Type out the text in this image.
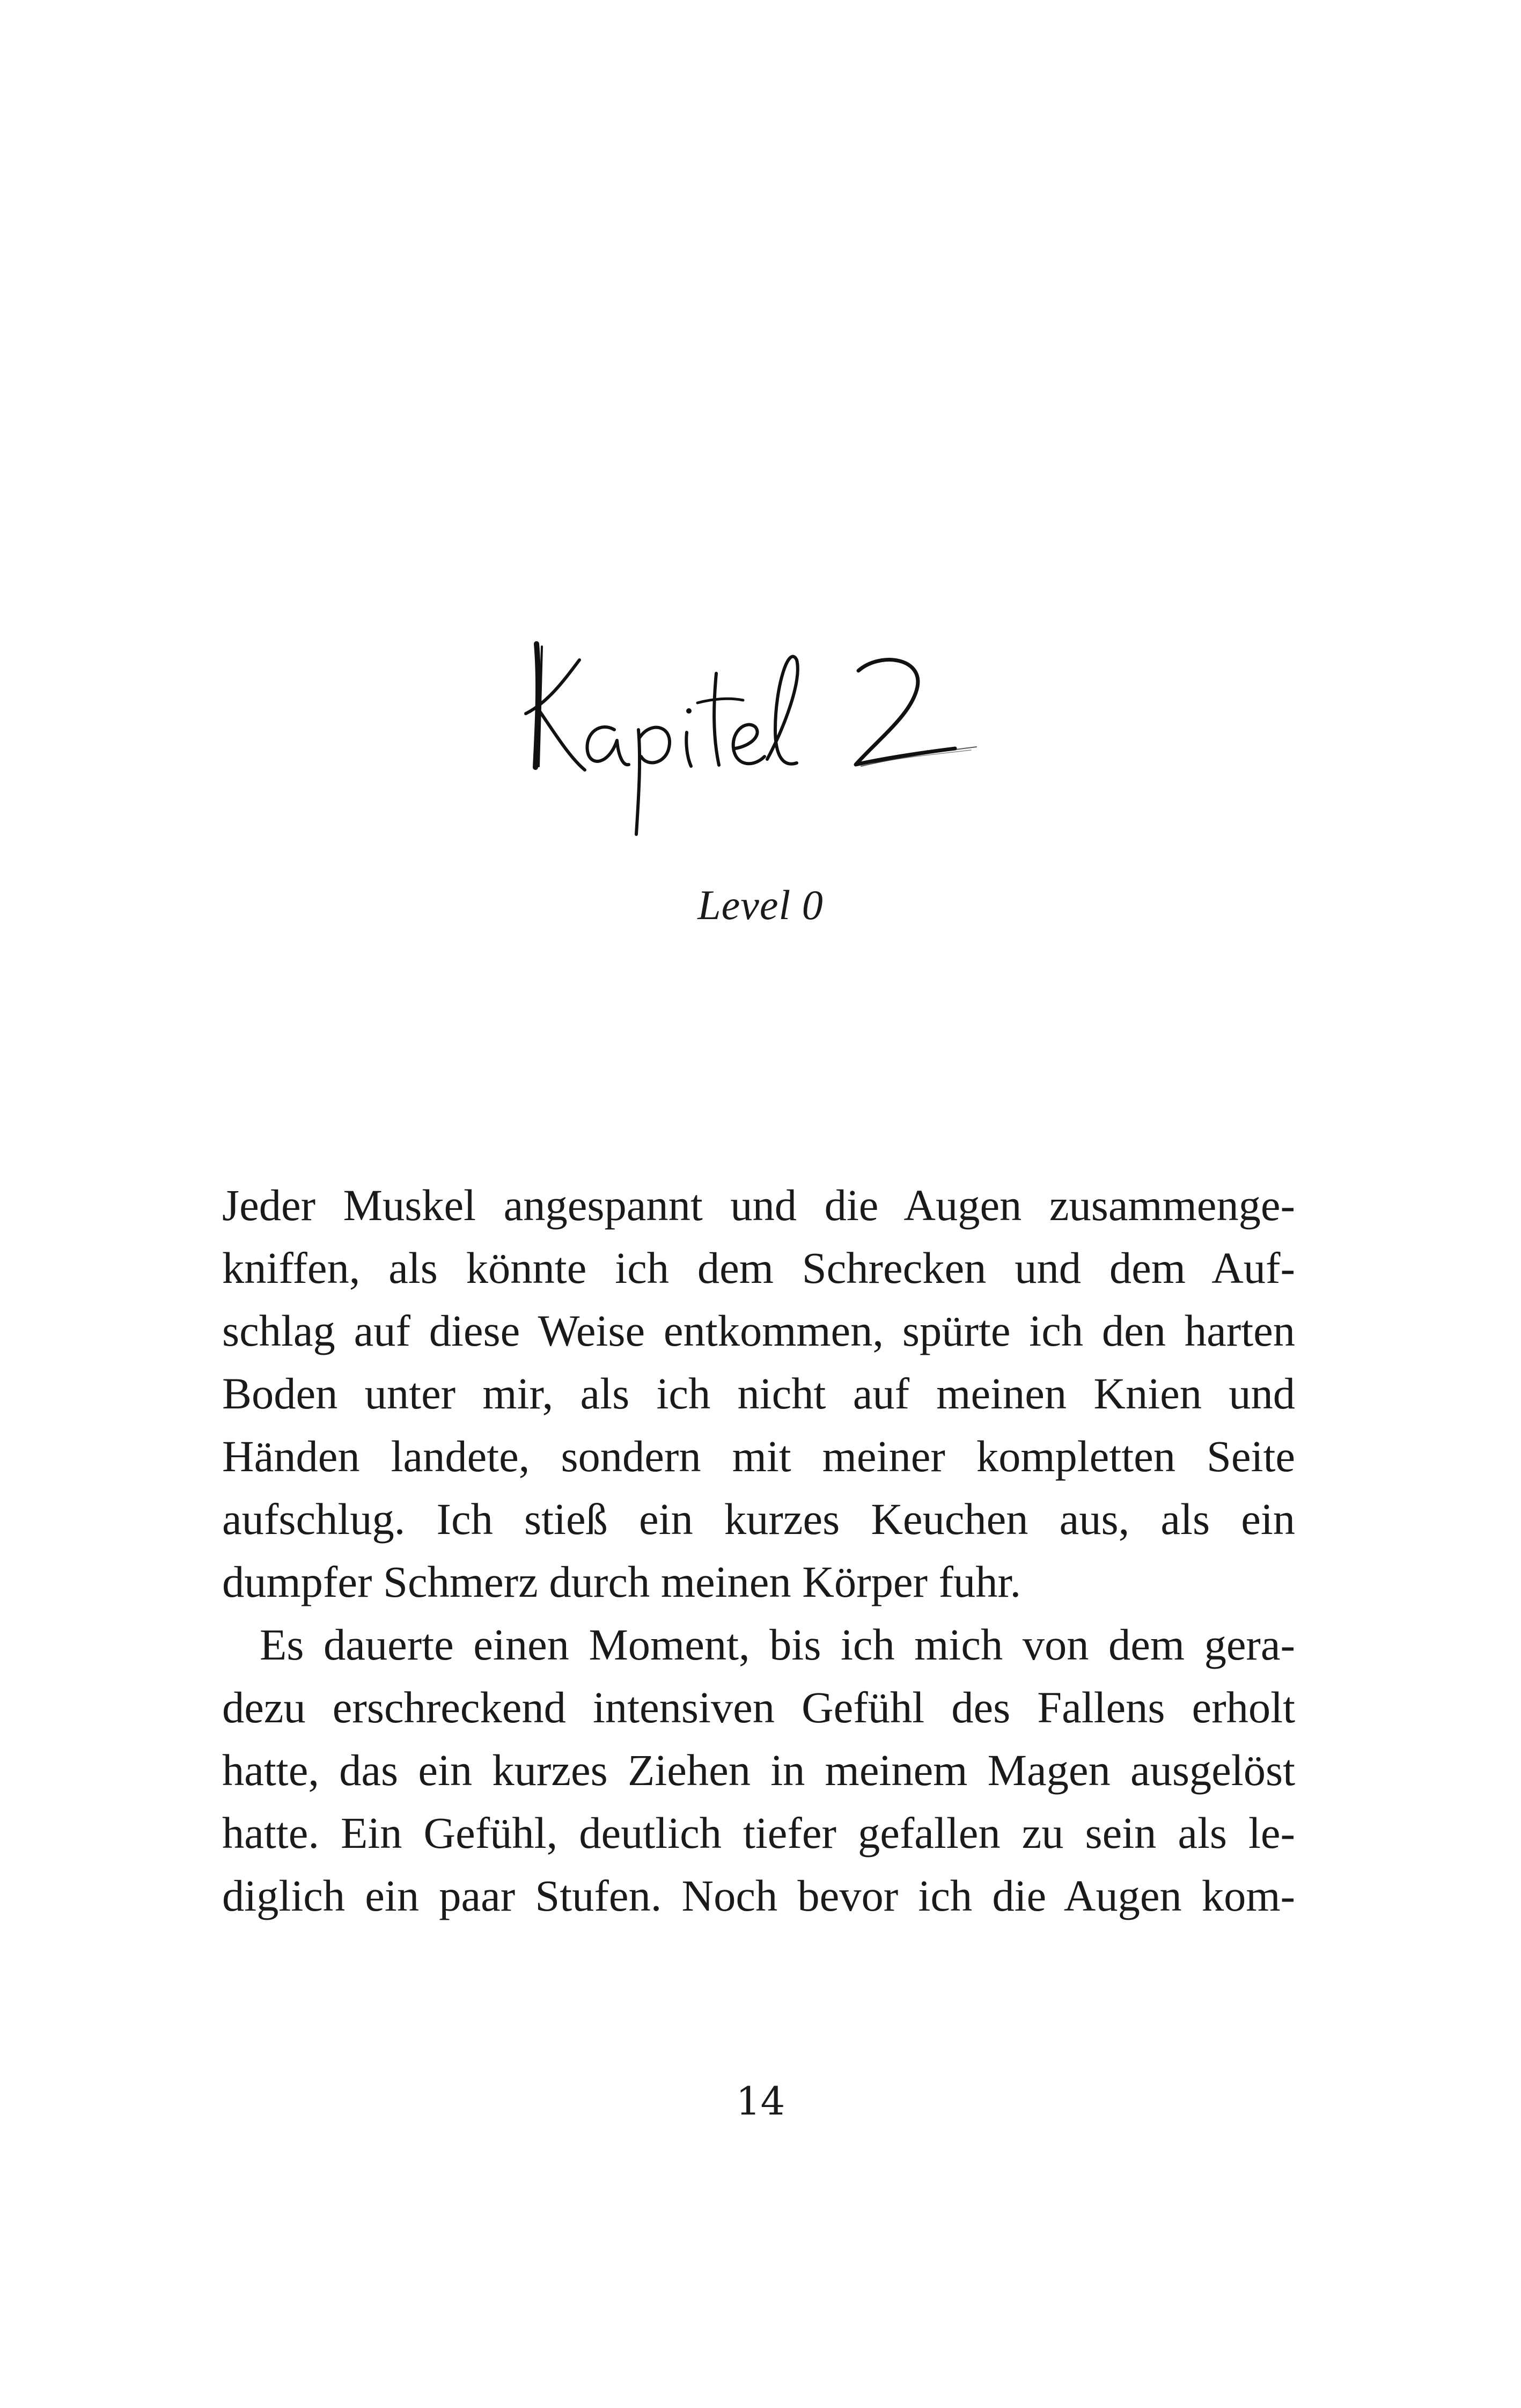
Level 0
Jeder Muskel angespannt und die Augen zusammenge-
kniffen, als könnte ich dem Schrecken und dem Auf-
schlag auf diese Weise entkommen, spürte ich den harten
Boden unter mir, als ich nicht auf meinen Knien und
Händen landete, sondern mit meiner kompletten Seite
aufschlug. Ich stieß ein kurzes Keuchen aus, als ein
dumpfer Schmerz durch meinen Körper fuhr.
Es dauerte einen Moment, bis ich mich von dem gera-
dezu erschreckend intensiven Gefühl des Fallens erholt
hatte, das ein kurzes Ziehen in meinem Magen ausgelöst
hatte. Ein Gefühl, deutlich tiefer gefallen zu sein als le-
diglich ein paar Stufen. Noch bevor ich die Augen kom-
14
